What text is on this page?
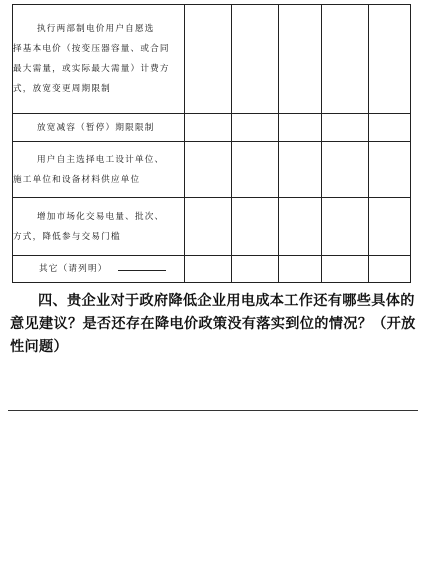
执行两部制电价用户自愿选
择基本电价（按变压器容量、或合同
最大需量，或实际最大需量）计费方
式，放宽变更周期限制					

放宽减容（暂停）期限限制					

用户自主选择电工设计单位、
施工单位和设备材料供应单位					

增加市场化交易电量、批次、
方式，降低参与交易门槛					

其它（请列明）					

四、贵企业对于政府降低企业用电成本工作还有哪些具体的意见建议？是否还存在降电价政策没有落实到位的情况？（开放性问题）
